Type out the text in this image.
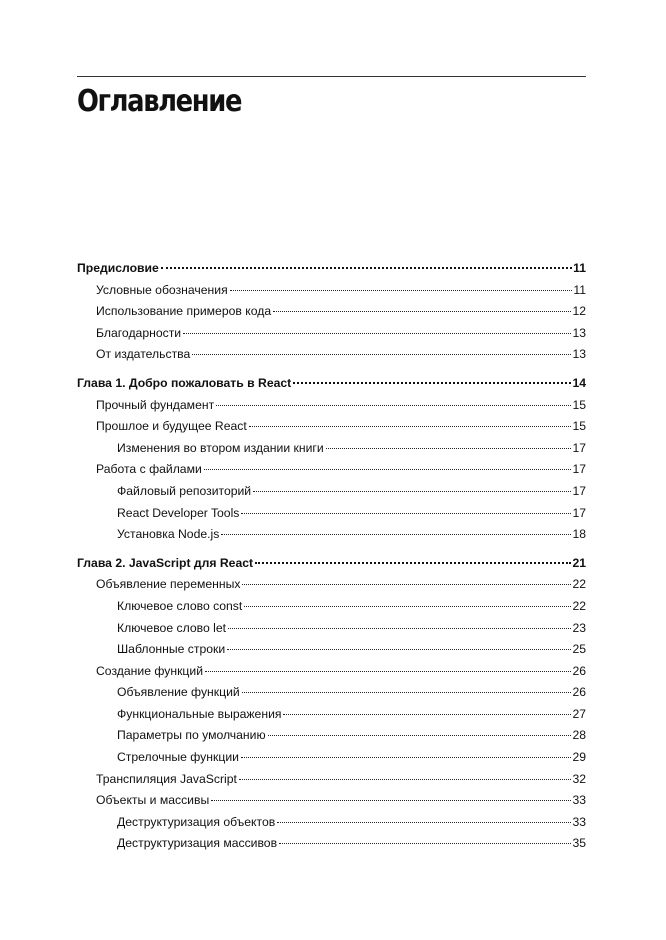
Оглавление
Предисловие	11
Условные обозначения	11
Использование примеров кода	12
Благодарности	13
От издательства	13
Глава 1. Добро пожаловать в React	14
Прочный фундамент	15
Прошлое и будущее React	15
Изменения во втором издании книги	17
Работа с файлами	17
Файловый репозиторий	17
React Developer Tools	17
Установка Node.js	18
Глава 2. JavaScript для React	21
Объявление переменных	22
Ключевое слово const	22
Ключевое слово let	23
Шаблонные строки	25
Создание функций	26
Объявление функций	26
Функциональные выражения	27
Параметры по умолчанию	28
Стрелочные функции	29
Транспиляция JavaScript	32
Объекты и массивы	33
Деструктуризация объектов	33
Деструктуризация массивов	35
